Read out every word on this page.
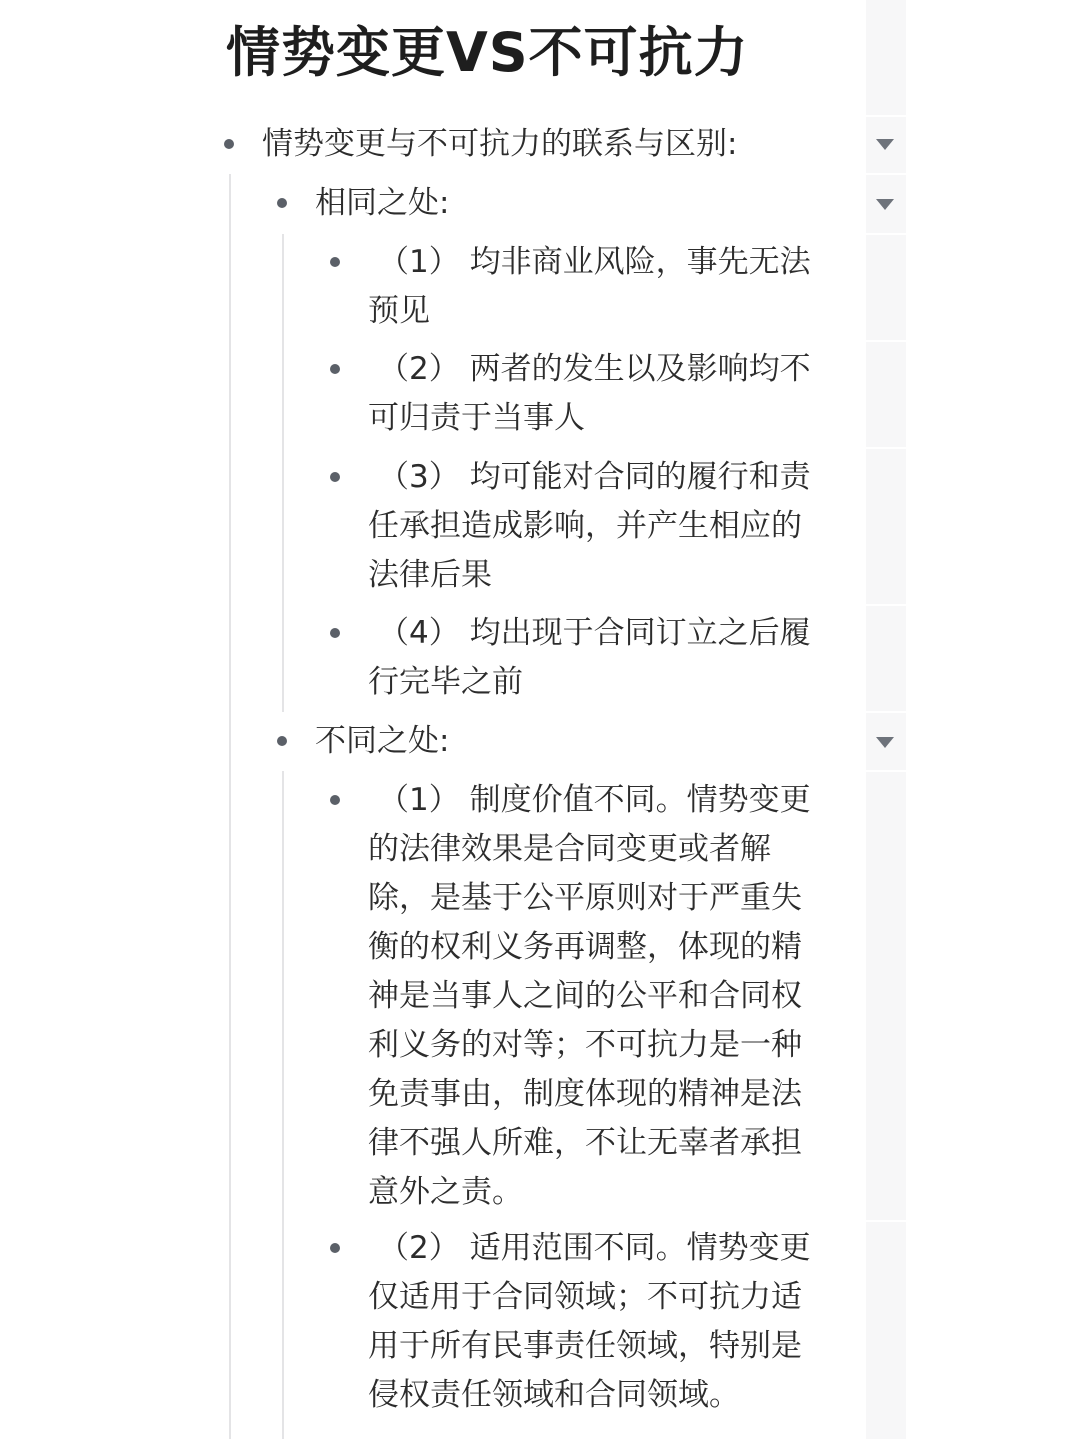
情势变更VS不可抗力
情势变更与不可抗力的联系与区别:
相同之处:
（1） 均非商业风险，事先无法预见
（2） 两者的发生以及影响均不可归责于当事人
（3） 均可能对合同的履行和责任承担造成影响，并产生相应的法律后果
（4） 均出现于合同订立之后履行完毕之前
不同之处:
（1） 制度价值不同。情势变更的法律效果是合同变更或者解除，是基于公平原则对于严重失衡的权利义务再调整，体现的精神是当事人之间的公平和合同权利义务的对等；不可抗力是一种免责事由，制度体现的精神是法律不强人所难，不让无辜者承担意外之责。
（2） 适用范围不同。情势变更仅适用于合同领域；不可抗力适用于所有民事责任领域，特别是侵权责任领域和合同领域。
